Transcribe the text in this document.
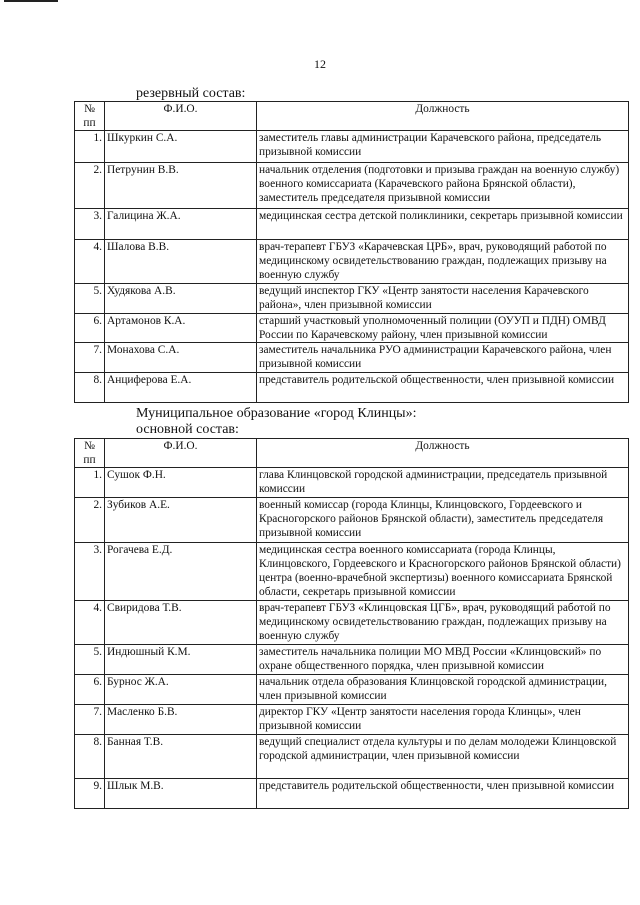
12
резервный состав:
№ пп	Ф.И.О.	Должность
1.	Шкуркин С.А.	заместитель главы администрации Карачевского района, председатель призывной комиссии
2.	Петрунин В.В.	начальник отделения (подготовки и призыва граждан на военную службу) военного комиссариата (Карачевского района Брянской области), заместитель председателя призывной комиссии
3.	Галицина Ж.А.	медицинская сестра детской поликлиники, секретарь призывной комиссии
4.	Шалова В.В.	врач-терапевт ГБУЗ «Карачевская ЦРБ», врач, руководящий работой по медицинскому освидетельствованию граждан, подлежащих призыву на военную службу
5.	Худякова А.В.	ведущий инспектор ГКУ «Центр занятости населения Карачевского района», член призывной комиссии
6.	Артамонов К.А.	старший участковый уполномоченный полиции (ОУУП и ПДН) ОМВД России по Карачевскому району, член призывной комиссии
7.	Монахова С.А.	заместитель начальника РУО администрации Карачевского района, член призывной комиссии
8.	Анциферова Е.А.	представитель родительской общественности, член призывной комиссии
Муниципальное образование «город Клинцы»:
основной состав:
№ пп	Ф.И.О.	Должность
1.	Сушок Ф.Н.	глава Клинцовской городской администрации, председатель призывной комиссии
2.	Зубиков А.Е.	военный комиссар (города Клинцы, Клинцовского, Гордеевского и Красногорского районов Брянской области), заместитель председателя призывной комиссии
3.	Рогачева Е.Д.	медицинская сестра военного комиссариата (города Клинцы, Клинцовского, Гордеевского и Красногорского районов Брянской области) центра (военно-врачебной экспертизы) военного комиссариата Брянской области, секретарь призывной комиссии
4.	Свиридова Т.В.	врач-терапевт ГБУЗ «Клинцовская ЦГБ», врач, руководящий работой по медицинскому освидетельствованию граждан, подлежащих призыву на военную службу
5.	Индюшный К.М.	заместитель начальника полиции МО МВД России «Клинцовский» по охране общественного порядка, член призывной комиссии
6.	Бурнос Ж.А.	начальник отдела образования Клинцовской городской администрации, член призывной комиссии
7.	Масленко Б.В.	директор ГКУ «Центр занятости населения города Клинцы», член призывной комиссии
8.	Банная Т.В.	ведущий специалист отдела культуры и по делам молодежи Клинцовской городской администрации, член призывной комиссии
9.	Шлык М.В.	представитель родительской общественности, член призывной комиссии
